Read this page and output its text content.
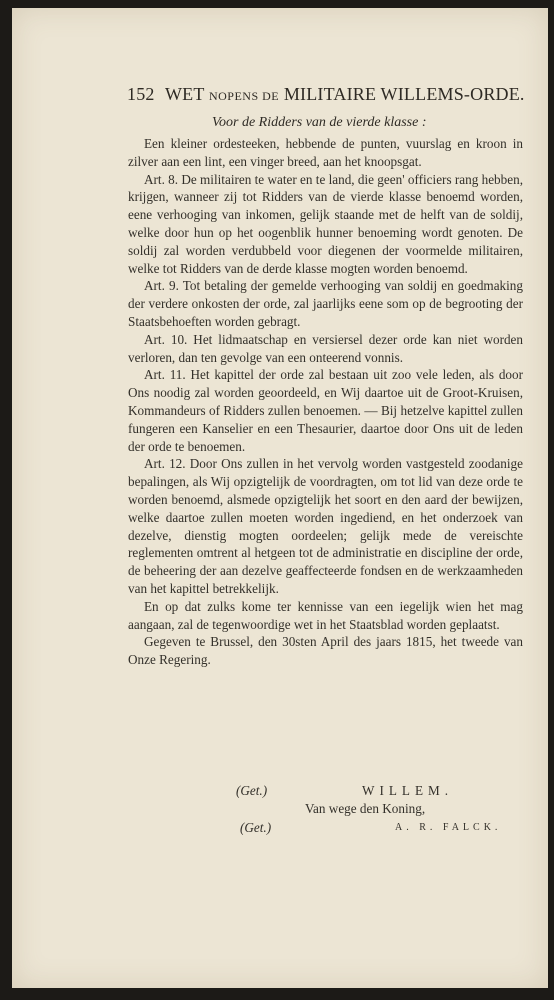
152 WET NOPENS DE MILITAIRE WILLEMS-ORDE.
Voor de Ridders van de vierde klasse :

Een kleiner ordesteeken, hebbende de punten, vuurslag en kroon in zilver aan een lint, een vinger breed, aan het knoopsgat.

Art. 8. De militairen te water en te land, die geen' officiers rang hebben, krijgen, wanneer zij tot Ridders van de vierde klasse benoemd worden, eene verhooging van inkomen, gelijk staande met de helft van de soldij, welke door hun op het oogenblik hunner benoeming wordt genoten. De soldij zal worden verdubbeld voor diegenen der voormelde militairen, welke tot Ridders van de derde klasse mogten worden benoemd.

Art. 9. Tot betaling der gemelde verhooging van soldij en goedmaking der verdere onkosten der orde, zal jaarlijks eene som op de begrooting der Staatsbehoeften worden gebragt.

Art. 10. Het lidmaatschap en versiersel dezer orde kan niet worden verloren, dan ten gevolge van een onteerend vonnis.

Art. 11. Het kapittel der orde zal bestaan uit zoo vele leden, als door Ons noodig zal worden geoordeeld, en Wij daartoe uit de Groot-Kruisen, Kommandeurs of Ridders zullen benoemen. — Bij hetzelve kapittel zullen fungeren een Kanselier en een Thesaurier, daartoe door Ons uit de leden der orde te benoemen.

Art. 12. Door Ons zullen in het vervolg worden vastgesteld zoodanige bepalingen, als Wij opzigtelijk de voordragten, om tot lid van deze orde te worden benoemd, alsmede opzigtelijk het soort en den aard der bewijzen, welke daartoe zullen moeten worden ingediend, en het onderzoek van dezelve, dienstig mogten oordeelen; gelijk mede de vereischte reglementen omtrent al hetgeen tot de administratie en discipline der orde, de beheering der aan dezelve geaffecteerde fondsen en de werkzaamheden van het kapittel betrekkelijk.

En op dat zulks kome ter kennisse van een iegelijk wien het mag aangaan, zal de tegenwoordige wet in het Staatsblad worden geplaatst.

Gegeven te Brussel, den 30sten April des jaars 1815, het tweede van Onze Regering.

(Get.)	WILLEM.
Van wege den Koning,
(Get.)	A. R. FALCK.
